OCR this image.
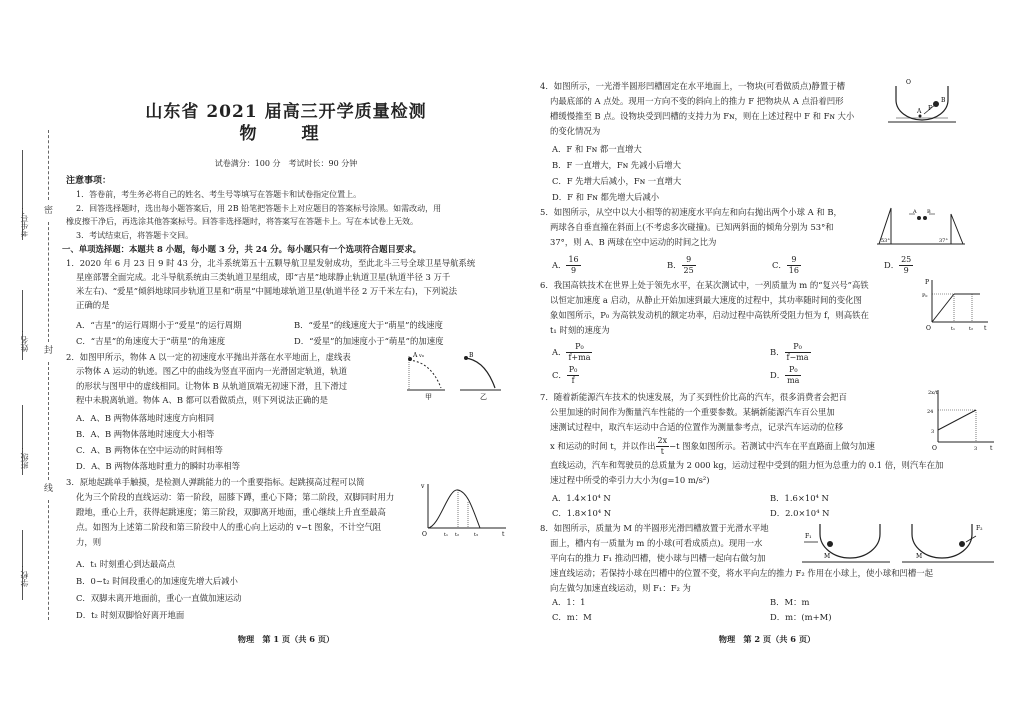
考生号：
姓名：
班级：
学校：
密
封
线
山东省 2021 届高三开学质量检测
物　理
试卷满分：100 分　考试时长：90 分钟
注意事项：
1．答卷前，考生务必将自己的姓名、考生号等填写在答题卡和试卷指定位置上。
2．回答选择题时，选出每小题答案后，用 2B 铅笔把答题卡上对应题目的答案标号涂黑。如需改动，用
橡皮擦干净后，再选涂其他答案标号。回答非选择题时，将答案写在答题卡上。写在本试卷上无效。
3．考试结束后，将答题卡交回。
一、单项选择题：本题共 8 小题，每小题 3 分，共 24 分。每小题只有一个选项符合题目要求。
1．2020 年 6 月 23 日 9 时 43 分，北斗系统第五十五颗导航卫星发射成功，至此北斗三号全球卫星导航系统
星座部署全面完成。北斗导航系统由三类轨道卫星组成，即“吉星”地球静止轨道卫星(轨道半径 3 万千
米左右)、“爱星”倾斜地球同步轨道卫星和“萌星”中圆地球轨道卫星(轨道半径 2 万千米左右)，下列说法
正确的是
A．“吉星”的运行周期小于“爱星”的运行周期	B．“爱星”的线速度大于“萌星”的线速度
C．“吉星”的角速度大于“萌星”的角速度	D．“爱星”的加速度小于“萌星”的加速度
2．如图甲所示，物体 A 以一定的初速度水平抛出并落在水平地面上，虚线表
示物体 A 运动的轨迹。图乙中的曲线为竖直平面内一光滑固定轨道，轨道
的形状与图甲中的虚线相同。让物体 B 从轨道顶端无初速下滑，且下滑过
程中未脱离轨道。物体 A、B 都可以看做质点，则下列说法正确的是
A．A、B 两物体落地时速度方向相同
B．A、B 两物体落地时速度大小相等
C．A、B 两物体在空中运动的时间相等
D．A、B 两物体落地时重力的瞬时功率相等
A v₀	B
甲	乙
3．原地起跳单手触摸，是检测人弹跳能力的一个重要指标。起跳摸高过程可以简
化为三个阶段的直线运动：第一阶段，屈膝下蹲，重心下降；第二阶段，双脚同时用力
蹬地，重心上升，获得起跳速度；第三阶段，双脚离开地面，重心继续上升直至最高
点。如图为上述第二阶段和第三阶段中人的重心向上运动的 v−t 图象，不计空气阻
力，则
A．t₁ 时刻重心到达最高点
B．0~t₂ 时间段重心的加速度先增大后减小
C．双脚未离开地面前，重心一直做加速运动
D．t₂ 时刻双脚恰好离开地面
v
O	t₁ t₂	t₃	t
物理　第 1 页（共 6 页）
4．如图所示，一光滑半圆形凹槽固定在水平地面上，一物块(可看做质点)静置于槽
内最底部的 A 点处。现用一方向不变的斜向上的推力 F 把物块从 A 点沿着凹形
槽缓慢推至 B 点。设物块受到凹槽的支持力为 Fɴ，则在上述过程中 F 和 Fɴ 大小
的变化情况为
A．F 和 Fɴ 都一直增大
B．F 一直增大，Fɴ 先减小后增大
C．F 先增大后减小，Fɴ 一直增大
D．F 和 Fɴ 都先增大后减小
O
F
B
A
5．如图所示，从空中以大小相等的初速度水平向左和向右抛出两个小球 A 和 B，
两球各自垂直撞在斜面上(不考虑多次碰撞)。已知两斜面的倾角分别为 53°和
37°，则 A、B 两球在空中运动的时间之比为
A． $\frac{16}{9}$	B． $\frac{9}{25}$	C． $\frac{9}{16}$	D． $\frac{25}{9}$
A B
53°	37°
6．我国高铁技术在世界上处于领先水平，在某次测试中，一列质量为 m 的“复兴号”高铁
以恒定加速度 a 启动，从静止开始加速到最大速度的过程中，其功率随时间的变化图
象如图所示，P₀ 为高铁发动机的额定功率，启动过程中高铁所受阻力恒为 f，则高铁在
t₁ 时刻的速度为
A． $\frac{\text{P₀}}{f+ma}$	B． $\frac{\text{P₀}}{f-ma}$
C． $\frac{\text{P₀}}{f}$	D． $\frac{\text{P₀}}{ma}$
P
P₀
O	t₁	t₂ t
7．随着新能源汽车技术的快速发展，为了买到性价比高的汽车，很多消费者会把百
公里加速的时间作为衡量汽车性能的一个重要参数。某辆新能源汽车百公里加
速测试过程中，取汽车运动中合适的位置作为测量参考点，记录汽车运动的位移
x 和运动的时间 t，并以作出 $\frac{2x}{t} -t$ 图象如图所示。若测试中汽车在平直路面上做匀加速
直线运动，汽车和驾驶员的总质量为 2 000 kg，运动过程中受到的阻力恒为总重力的 0.1 倍，则汽车在加
速过程中所受的牵引力大小为(g=10 m/s²)
A．1.4×10⁴ N	B．1.6×10⁴ N
C．1.8×10⁴ N	D．2.0×10⁴ N
2x/t
24
3
O	3 t
8．如图所示，质量为 M 的半圆形光滑凹槽放置于光滑水平地
面上，槽内有一质量为 m 的小球(可看成质点)。现用一水
平向右的推力 F₁ 推动凹槽，使小球与凹槽一起向右做匀加
速直线运动；若保持小球在凹槽中的位置不变，将水平向左的推力 F₂ 作用在小球上，使小球和凹槽一起
向左做匀加速直线运动，则 F₁：F₂ 为
A．1：1	B．M：m
C．m：M	D．m：(m+M)
F₁
M
F₂
M
物理　第 2 页（共 6 页）
